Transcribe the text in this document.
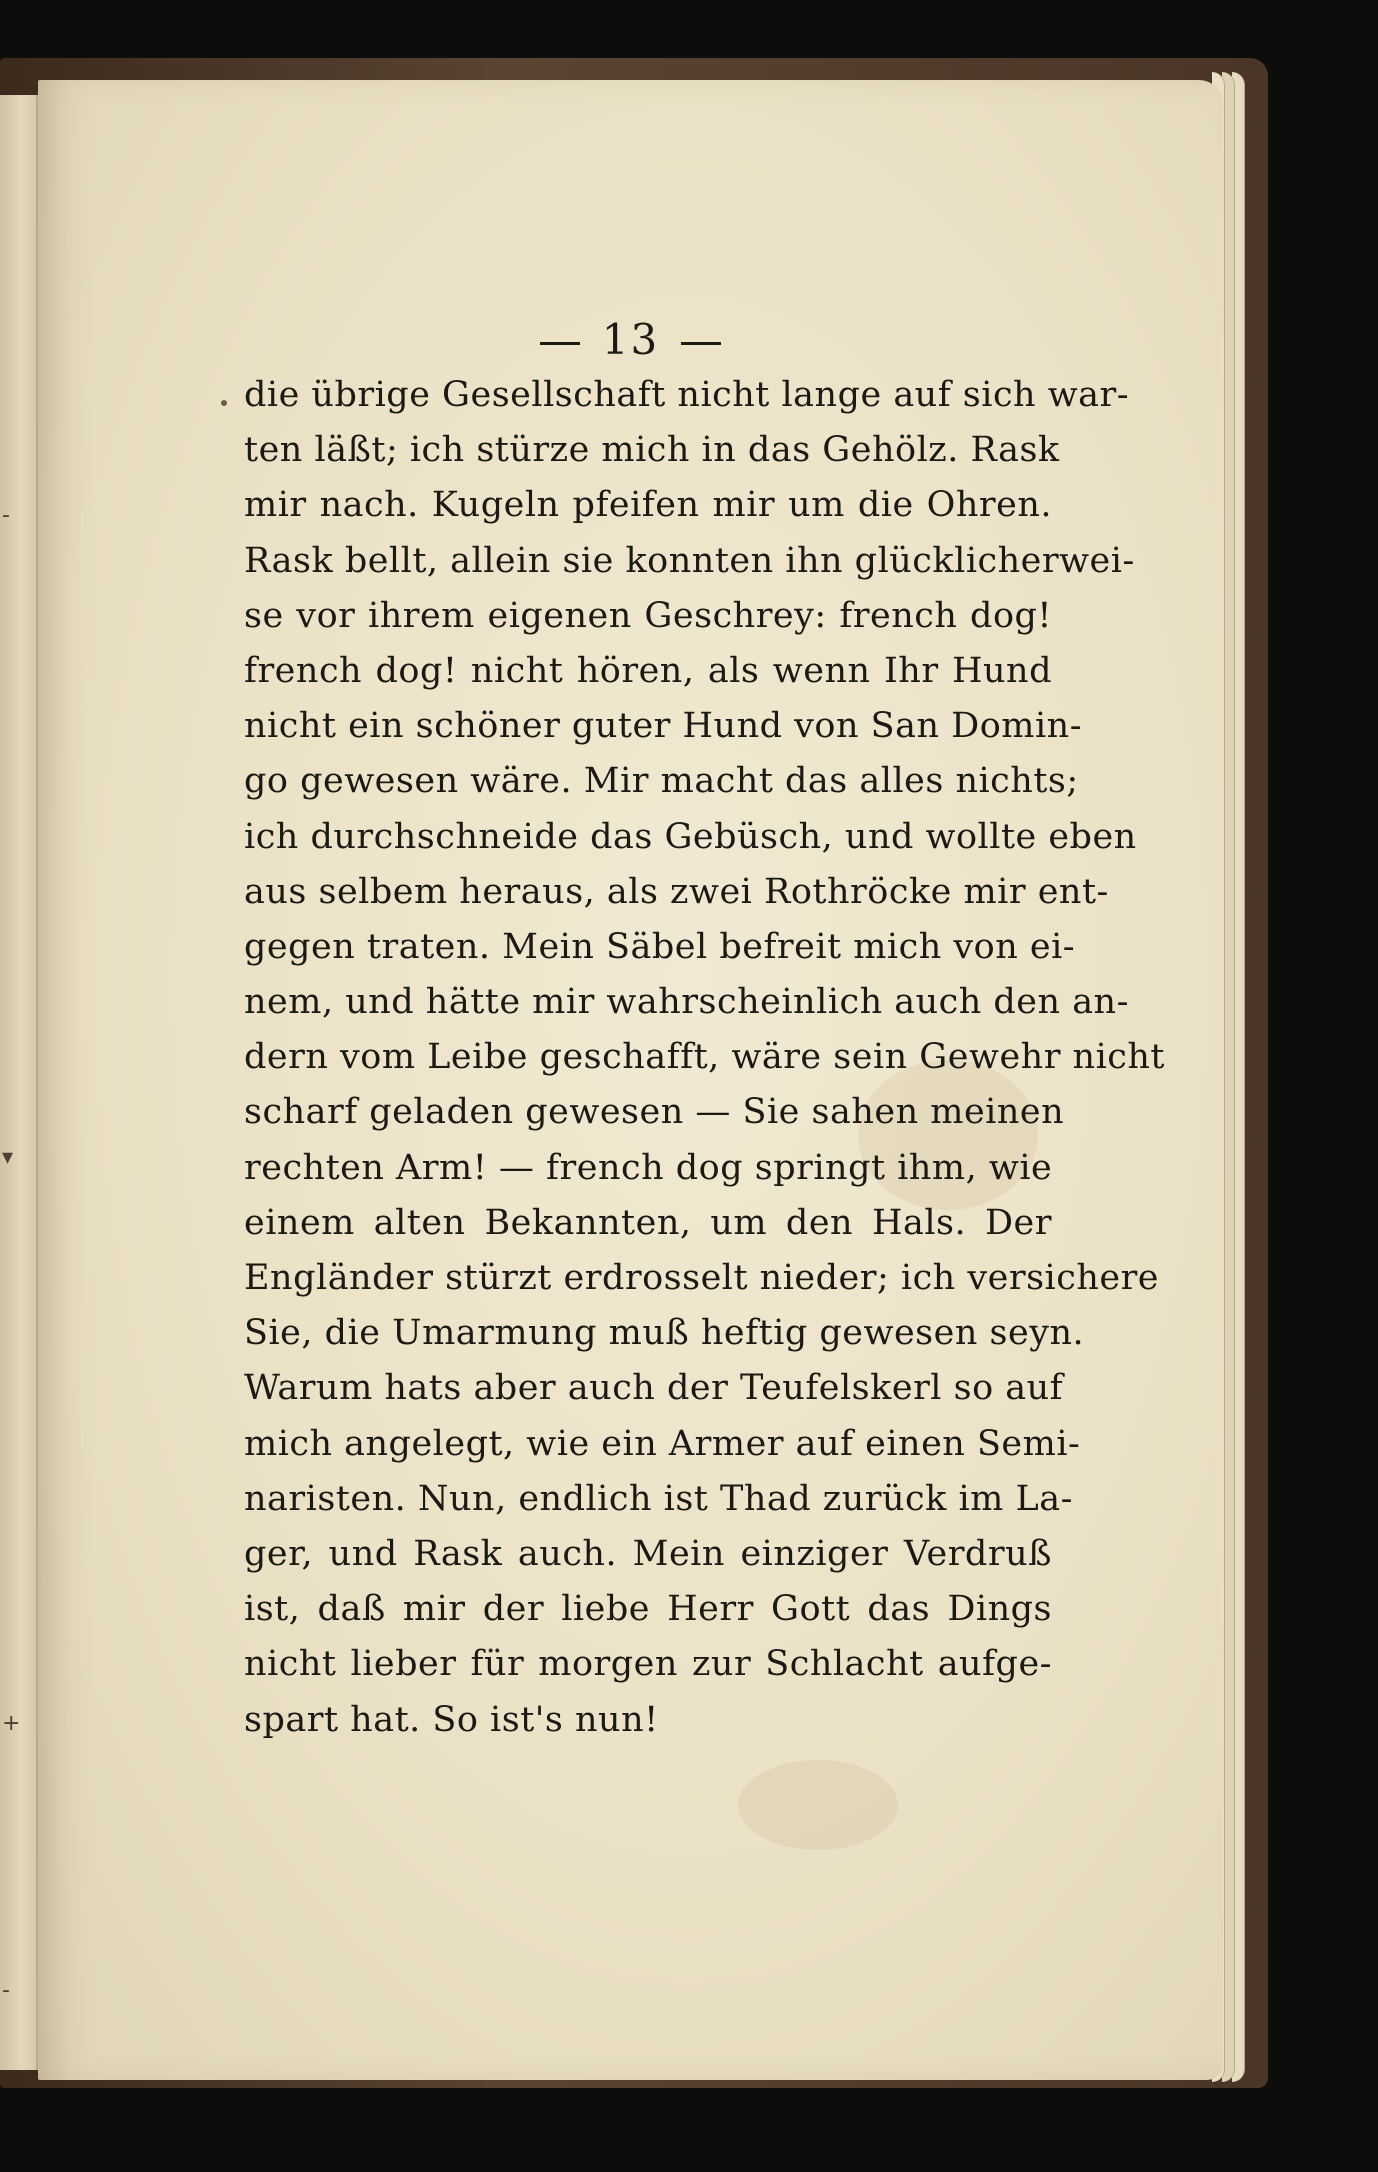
-
▾
+
-
13
die übrige Gesellschaft nicht lange auf sich war-
ten läßt; ich stürze mich in das Gehölz. Rask
mir nach. Kugeln pfeifen mir um die Ohren.
Rask bellt, allein sie konnten ihn glücklicherwei-
se vor ihrem eigenen Geschrey: french dog!
french dog! nicht hören, als wenn Ihr Hund
nicht ein schöner guter Hund von San Domin-
go gewesen wäre. Mir macht das alles nichts;
ich durchschneide das Gebüsch, und wollte eben
aus selbem heraus, als zwei Rothröcke mir ent-
gegen traten. Mein Säbel befreit mich von ei-
nem, und hätte mir wahrscheinlich auch den an-
dern vom Leibe geschafft, wäre sein Gewehr nicht
scharf geladen gewesen — Sie sahen meinen
rechten Arm! — french dog springt ihm, wie
einem alten Bekannten, um den Hals. Der
Engländer stürzt erdrosselt nieder; ich versichere
Sie, die Umarmung muß heftig gewesen seyn.
Warum hats aber auch der Teufelskerl so auf
mich angelegt, wie ein Armer auf einen Semi-
naristen. Nun, endlich ist Thad zurück im La-
ger, und Rask auch. Mein einziger Verdruß
ist, daß mir der liebe Herr Gott das Dings
nicht lieber für morgen zur Schlacht aufge-
spart hat. So ist's nun!
